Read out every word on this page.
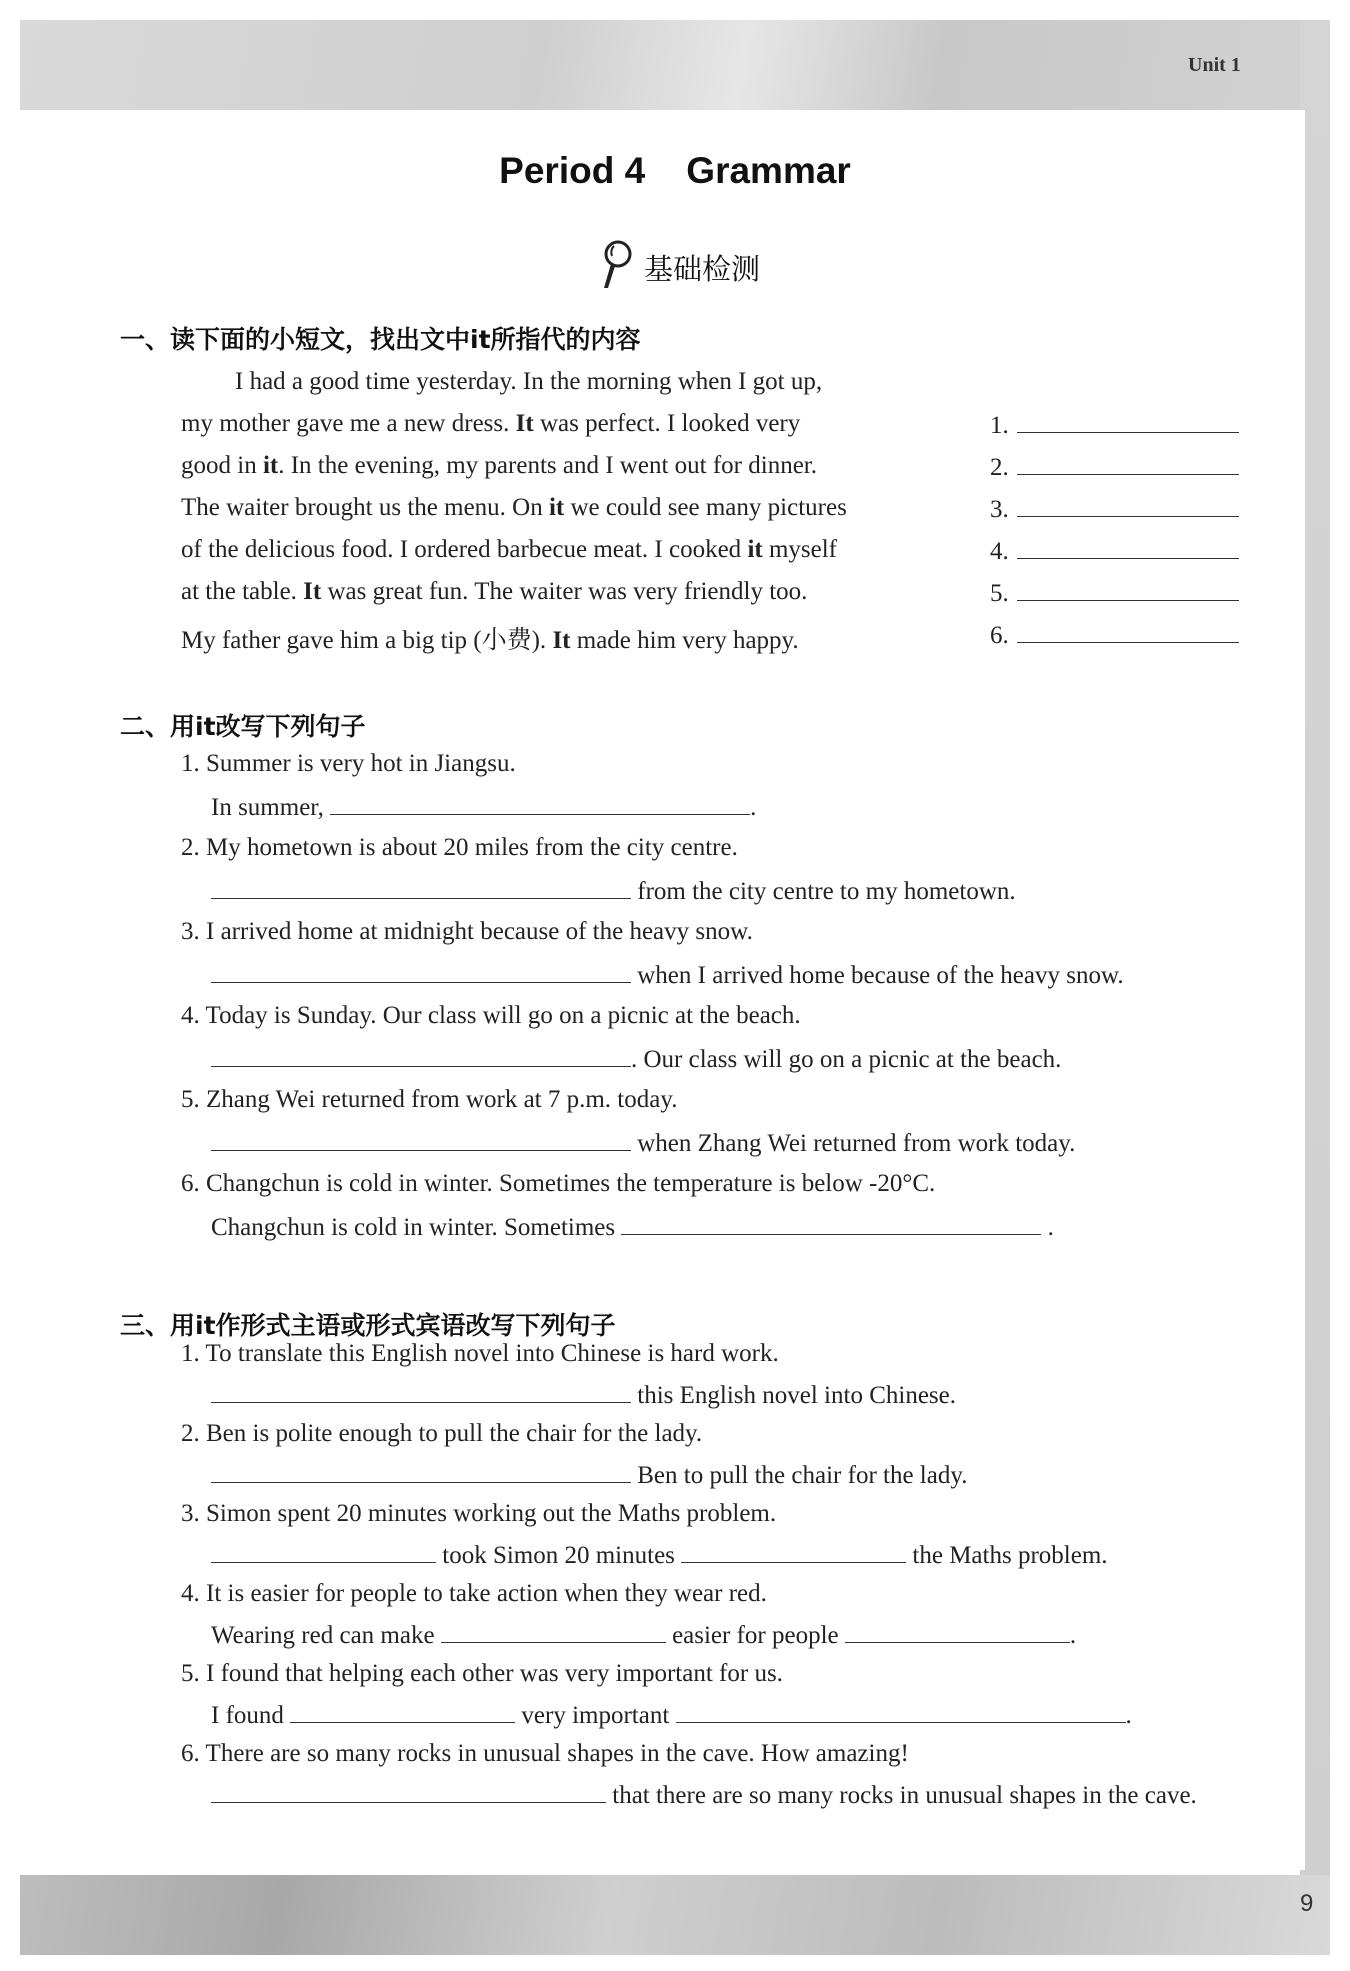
Unit 1
9
Period 4    Grammar
基础检测
一、读下面的小短文，找出文中it所指代的内容
I had a good time yesterday. In the morning when I got up,
my mother gave me a new dress. It was perfect. I looked very
good in it. In the evening, my parents and I went out for dinner.
The waiter brought us the menu. On it we could see many pictures
of the delicious food. I ordered barbecue meat. I cooked it myself
at the table. It was great fun. The waiter was very friendly too.
My father gave him a big tip (小费). It made him very happy.
1.
2.
3.
4.
5.
6.
二、用it改写下列句子
1. Summer is very hot in Jiangsu.
In summer,	.
2. My hometown is about 20 miles from the city centre.
from the city centre to my hometown.
3. I arrived home at midnight because of the heavy snow.
when I arrived home because of the heavy snow.
4. Today is Sunday. Our class will go on a picnic at the beach.
. Our class will go on a picnic at the beach.
5. Zhang Wei returned from work at 7 p.m. today.
when Zhang Wei returned from work today.
6. Changchun is cold in winter. Sometimes the temperature is below -20°C.
Changchun is cold in winter. Sometimes	.
三、用it作形式主语或形式宾语改写下列句子
1. To translate this English novel into Chinese is hard work.
this English novel into Chinese.
2. Ben is polite enough to pull the chair for the lady.
Ben to pull the chair for the lady.
3. Simon spent 20 minutes working out the Maths problem.
took Simon 20 minutes	the Maths problem.
4. It is easier for people to take action when they wear red.
Wearing red can make	easier for people	.
5. I found that helping each other was very important for us.
I found	very important	.
6. There are so many rocks in unusual shapes in the cave. How amazing!
that there are so many rocks in unusual shapes in the cave.
